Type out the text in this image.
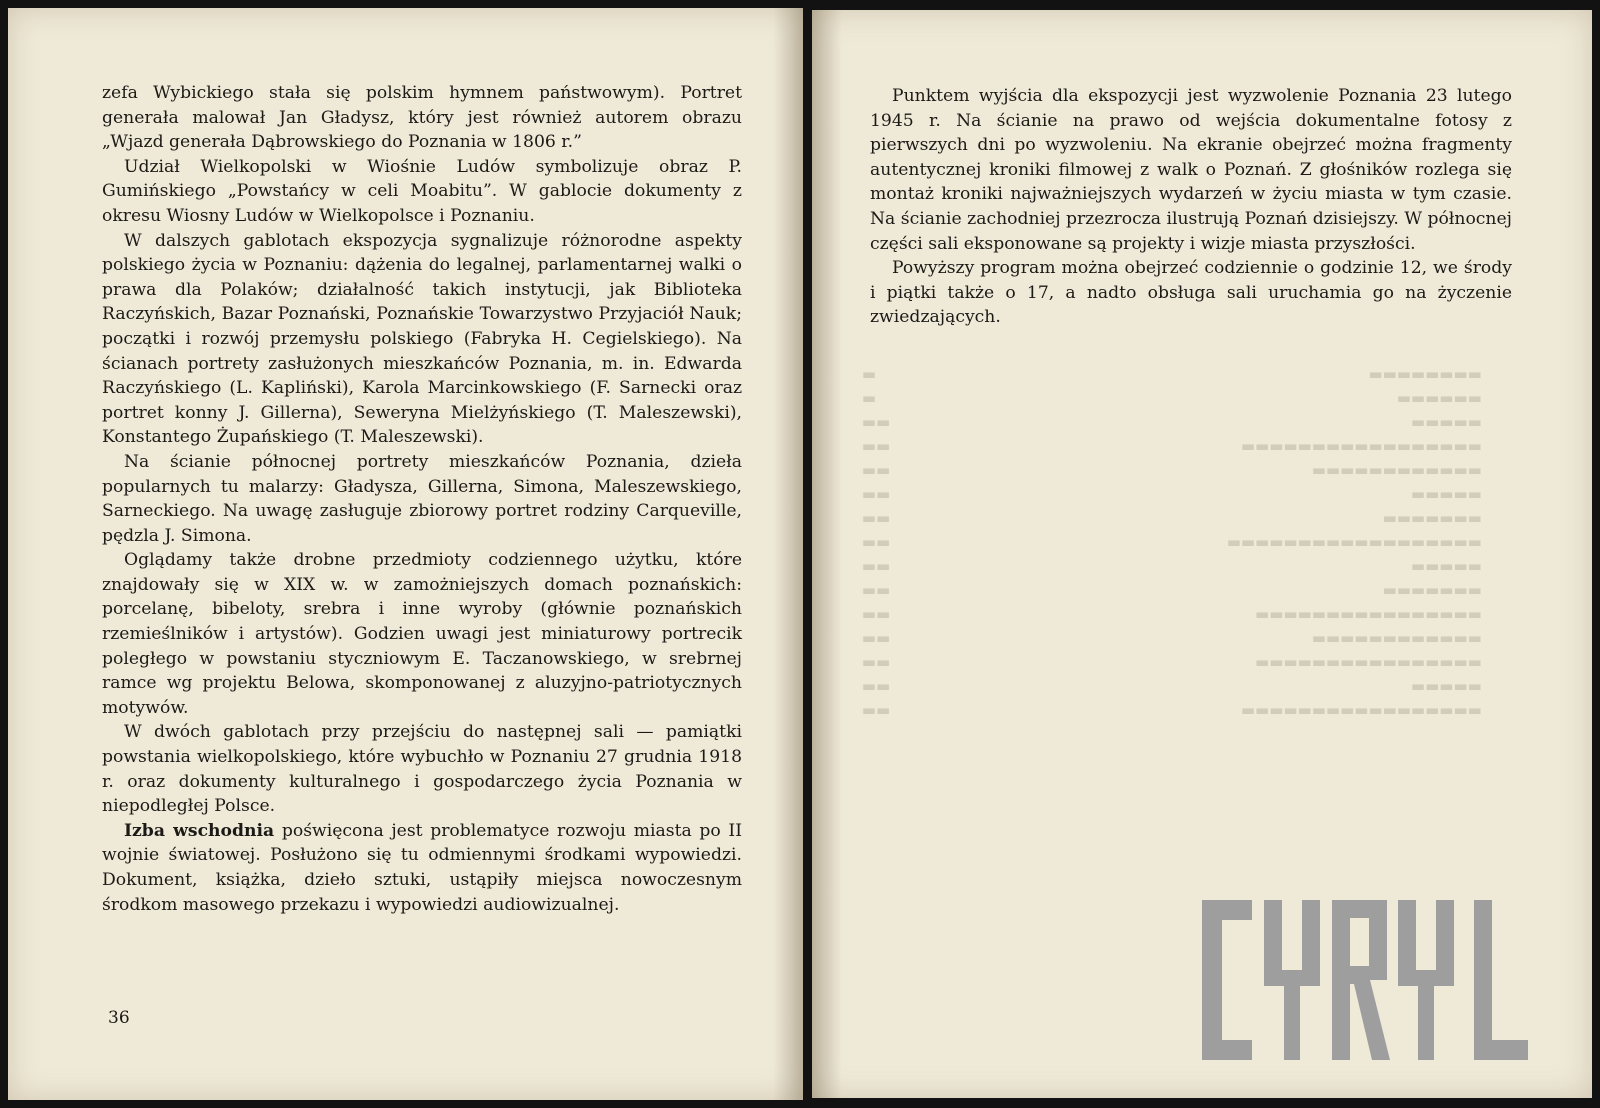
zefa Wybickiego stała się polskim hymnem państwowym). Portret generała malował Jan Gładysz, który jest również autorem obrazu „Wjazd generała Dąbrowskiego do Poznania w 1806 r.”

Udział Wielkopolski w Wiośnie Ludów symbolizuje obraz P. Gumińskiego „Powstańcy w celi Moabitu”. W gablocie dokumenty z okresu Wiosny Ludów w Wielkopolsce i Poznaniu.

W dalszych gablotach ekspozycja sygnalizuje różnorodne aspekty polskiego życia w Poznaniu: dążenia do legalnej, parlamentarnej walki o prawa dla Polaków; działalność takich instytucji, jak Biblioteka Raczyńskich, Bazar Poznański, Poznańskie Towarzystwo Przyjaciół Nauk; początki i rozwój przemysłu polskiego (Fabryka H. Cegielskiego). Na ścianach portrety zasłużonych mieszkańców Poznania, m. in. Edwarda Raczyńskiego (L. Kapliński), Karola Marcinkowskiego (F. Sarnecki oraz portret konny J. Gillerna), Seweryna Mielżyńskiego (T. Maleszewski), Konstantego Żupańskiego (T. Maleszewski).

Na ścianie północnej portrety mieszkańców Poznania, dzieła popularnych tu malarzy: Gładysza, Gillerna, Simona, Maleszewskiego, Sarneckiego. Na uwagę zasługuje zbiorowy portret rodziny Carqueville, pędzla J. Simona.

Oglądamy także drobne przedmioty codziennego użytku, które znajdowały się w XIX w. w zamożniejszych domach poznańskich: porcelanę, bibeloty, srebra i inne wyroby (głównie poznańskich rzemieślników i artystów). Godzien uwagi jest miniaturowy portrecik poległego w powstaniu styczniowym E. Taczanowskiego, w srebrnej ramce wg projektu Belowa, skomponowanej z aluzyjno-patriotycznych motywów.

W dwóch gablotach przy przejściu do następnej sali — pamiątki powstania wielkopolskiego, które wybuchło w Poznaniu 27 grudnia 1918 r. oraz dokumenty kulturalnego i gospodarczego życia Poznania w niepodległej Polsce.

Izba wschodnia poświęcona jest problematyce rozwoju miasta po II wojnie światowej. Posłużono się tu odmiennymi środkami wypowiedzi. Dokument, książka, dzieło sztuki, ustąpiły miejsca nowoczesnym środkom masowego przekazu i wypowiedzi audiowizualnej.

36
▬▬▬▬▬▬▬▬
▬
▬▬▬▬▬▬
▬
▬▬▬▬▬
▬▬
▬▬▬▬▬▬▬▬▬▬▬▬▬▬▬▬▬
▬▬
▬▬▬▬▬▬▬▬▬▬▬▬
▬▬
▬▬▬▬▬
▬▬
▬▬▬▬▬▬▬
▬▬
▬▬▬▬▬▬▬▬▬▬▬▬▬▬▬▬▬▬
▬▬
▬▬▬▬▬
▬▬
▬▬▬▬▬▬▬
▬▬
▬▬▬▬▬▬▬▬▬▬▬▬▬▬▬▬
▬▬
▬▬▬▬▬▬▬▬▬▬▬▬
▬▬
▬▬▬▬▬▬▬▬▬▬▬▬▬▬▬▬
▬▬
▬▬▬▬▬
▬▬
▬▬▬▬▬▬▬▬▬▬▬▬▬▬▬▬▬
▬▬

Punktem wyjścia dla ekspozycji jest wyzwolenie Poznania 23 lutego 1945 r. Na ścianie na prawo od wejścia dokumentalne fotosy z pierwszych dni po wyzwoleniu. Na ekranie obejrzeć można fragmenty autentycznej kroniki filmowej z walk o Poznań. Z głośników rozlega się montaż kroniki najważniejszych wydarzeń w życiu miasta w tym czasie. Na ścianie zachodniej przezrocza ilustrują Poznań dzisiejszy. W północnej części sali eksponowane są projekty i wizje miasta przyszłości.

Powyższy program można obejrzeć codziennie o godzinie 12, we środy i piątki także o 17, a nadto obsługa sali uruchamia go na życzenie zwiedzających.
